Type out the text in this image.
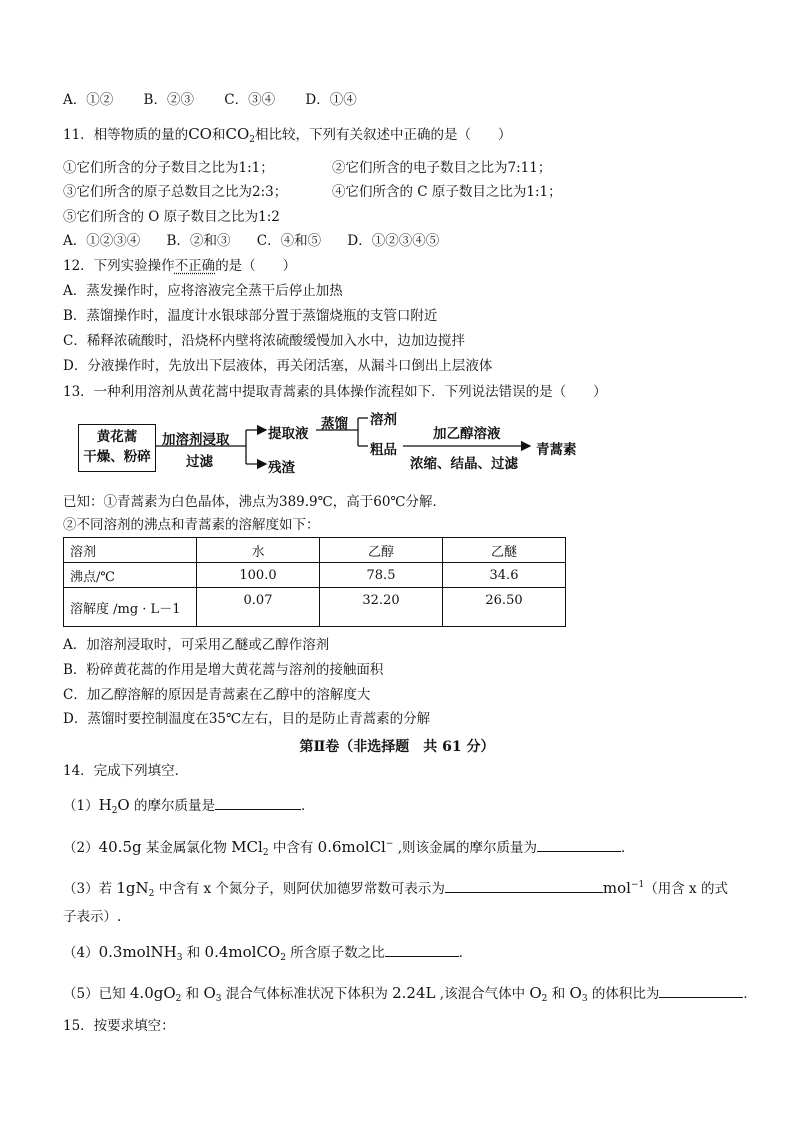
A．①② B．②③ C．③④ D．①④
11．相等物质的量的CO和$CO_2$相比较，下列有关叙述中正确的是（　　）
①它们所含的分子数目之比为1:1；	②它们所含的电子数目之比为7:11；
③它们所含的原子总数目之比为2:3；	④它们所含的 C 原子数目之比为1:1；
⑤它们所含的 O 原子数目之比为1:2
A．①②③④ B．②和③ C．④和⑤ D．①②③④⑤
12．下列实验操作不正确的是（　　）
A．蒸发操作时，应将溶液完全蒸干后停止加热
B．蒸馏操作时，温度计水银球部分置于蒸馏烧瓶的支管口附近
C．稀释浓硫酸时，沿烧杯内壁将浓硫酸缓慢加入水中，边加边搅拌
D．分液操作时，先放出下层液体，再关闭活塞，从漏斗口倒出上层液体
13．一种利用溶剂从黄花蒿中提取青蒿素的具体操作流程如下．下列说法错误的是（　　）
黄花蒿
干燥、粉碎
加溶剂浸取
过滤
提取液
残渣
蒸馏 溶剂
粗品
加乙醇溶液
浓缩、结晶、过滤
青蒿素
已知：①青蒿素为白色晶体，沸点为389.9℃，高于60℃分解．
②不同溶剂的沸点和青蒿素的溶解度如下：
溶剂	水	乙醇	乙醚
沸点/℃	100.0	78.5	34.6
溶解度 /mg · L－1	0.07	32.20	26.50
A．加溶剂浸取时，可采用乙醚或乙醇作溶剂
B．粉碎黄花蒿的作用是增大黄花蒿与溶剂的接触面积
C．加乙醇溶解的原因是青蒿素在乙醇中的溶解度大
D．蒸馏时要控制温度在35℃左右，目的是防止青蒿素的分解
第Ⅱ卷（非选择题　共 61 分）
14．完成下列填空．
$(1)H_2O$ 的摩尔质量是	．
（2）40.5g 某金属氯化物 MCl$_2$ 中含有 0.6molCl− ,则该金属的摩尔质量为	．
（3）若 $1gN_2$ 中含有 x 个氮分子，则阿伏加德罗常数可表示为	mol$^{-1}$（用含 x 的式
子表示）.
（4）0.3molNH$_3$ 和 0.4molCO$_2$ 所含原子数之比	．
（5）已知 $4.0gO_2$ 和 $O_3$ 混合气体标准状况下体积为 2.24L ,该混合气体中 $O_2$ 和 $O_3$ 的体积比为	．
15．按要求填空：
